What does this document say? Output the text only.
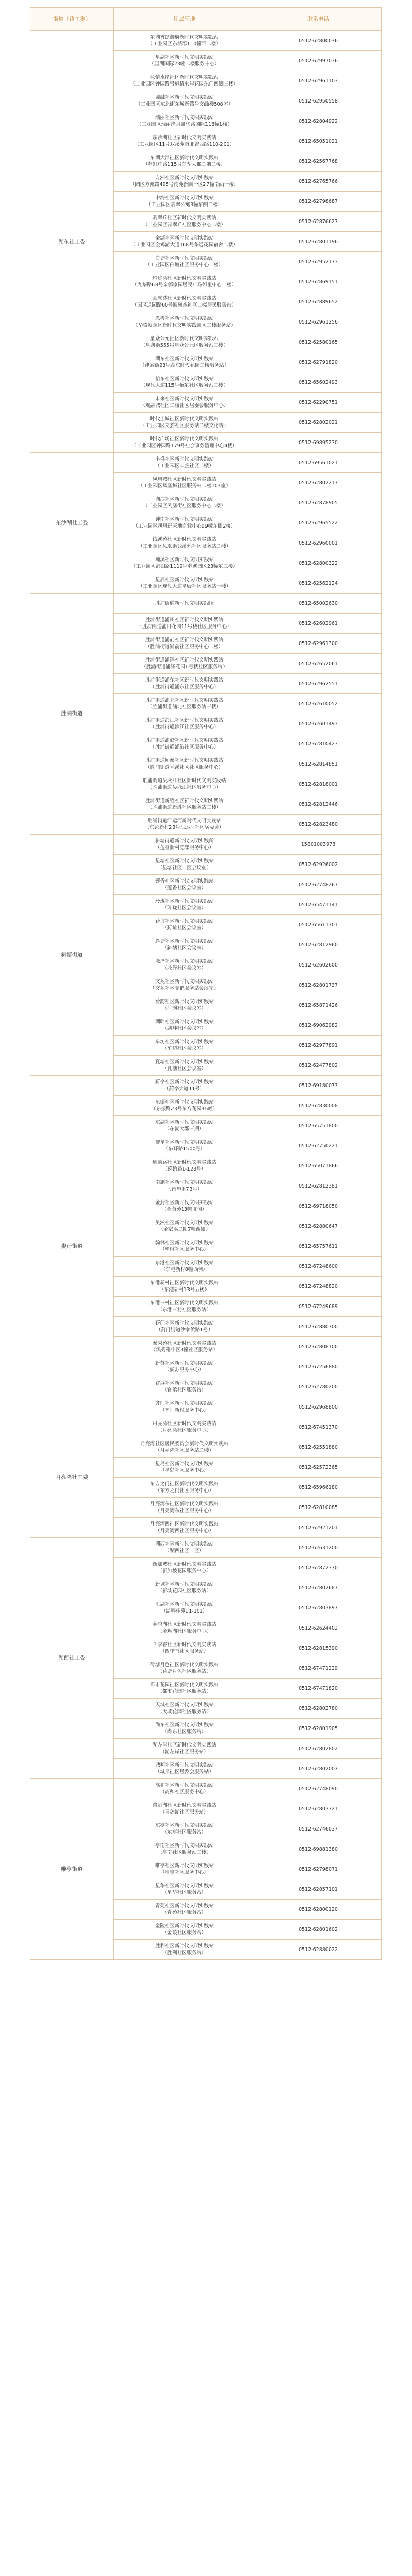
街道（镇工委）	所属阵地	联系电话
湖东社工委	东湖香缇御府新时代文明实践站
（工业园区东城郡110幢西二楼）	0512-62800036

	星湖社区新时代文明实践站
（星湖国际23幢二楼服务中心）	0512-62997036

	枫情水岸社区新时代文明实践站
（工业园区钟园路号枫情水岸花园东门西侧三楼）	0512-62961103

	圆融社区新时代文明实践站
（工业园区东北街东城新路号文曲楼508室）	0512-62950558

	瑞丽社区新时代文明实践站
（工业园区瑞丽湾月鑫马路国际118幢1楼）	0512-62804922

	东沙湖社区新时代文明实践站
（工业园区11号双溪苑南北吉西路110-201）	0512-65051021

	东湖大郡社区新时代文明实践站
（苏虹中路115号东湖大郡二期二楼）	0512-62567768

	方洲社区新时代文明实践站
（园区方洲路495号南苑新园一区27幢南面一楼）	0512-62765766

	中海社区新时代文明实践站
（工业园区翡翠公寓3幢东侧二楼）	0512-62798687

	翡翠丘社区新时代文明实践站
（工业园区翡翠丘社区服务中心二楼）	0512-62876627

	金湖社区新时代文明实践站
（工业园区金鸡湖大道168号华远花园宿舍二楼）	0512-62801196

	白塘社区新时代文明实践站
（工业园区白塘社区服务中心二楼）	0512-62952173

	玲珑湾社区新时代文明实践站
（九华路68号亲邻家园居民广场邻里中心二楼）	0512-62869151

	圆融荟社区新时代文明实践站
（园区通园路60号圆融荟社区二楼居民服务站）	0512-62889652

	恩善社区新时代文明实践站
（华盛顿园区新时代文明实践园区二楼服务站）	0512-62961256

	星众公元社区新时代文明实践站
（星湖街555号星众公元区服务站二楼）	0512-62580165

	湖东社区新时代文明实践站
（津梁街23号湖东时代花园二楼服务站）	0512-62791820

	怡东社区新时代文明实践站
（现代大道115号怡东社区服务站二楼）	0512-65602493

	未来社区新时代文明实践站
（观湖城社区二楼社区居委会服务中心）	0512-62290751

	时代上城社区新时代文明实践站
（工业园区文荟社区服务站二楼文化站）	0512-62802021

	时代广场社区新时代文明实践站
（工业园区钟园路179号社会事务管理中心4楼）	0512-69895230
东沙湖社工委	丰盛社区新时代文明实践站
（工业园区丰盛社区二楼）	0512-69561021

	凤凰城社区新时代文明实践站
（工业园区凤凰城社区服务站二楼103室）	0512-62802217

	湖滨社区新时代文明实践站
（工业园区凤凰街社区服务中心二楼）	0512-62878905

	钟南社区新时代文明实践站
（工业园区凤凰新天地商业中心99幢东侧2楼）	0512-62965522

	钱溪苑社区新时代文明实践站
（工业园区凤凰街钱溪苑社区服务站二楼）	0512-62960001

	瀚溪社区新时代文明实践站
（工业园区港田路1119号瀚溪园区23幢东三楼）	0512-62800322

	星辰社区新时代文明实践站
（工业园区现代大道星辰社区服务站一楼）	0512-62562124
胜浦街道	胜浦街道新时代文明实践所	0512-65002630

	胜浦街道浦田社区新时代文明实践站
（胜浦街道浦田花园11号楼社区服务中心）	0512-62602961

	胜浦街道浦前社区新时代文明实践站
（胜浦街道浦前社区服务中心二楼）	0512-62961300

	胜浦街道浦泽社区新时代文明实践站
（胜浦街道浦泽花园1号楼社区服务站）	0512-62652061

	胜浦街道浦东社区新时代文明实践站
（胜浦街道浦东社区服务中心）	0512-62962551

	胜浦街道浦北社区新时代文明实践站
（胜浦街道浦北社区服务站三楼）	0512-62610052

	胜浦街道滨江社区新时代文明实践站
（胜浦街道滨江社区服务中心）	0512-62601493

	胜浦街道浦沿社区新时代文明实践站
（胜浦街道浦沿社区服务中心）	0512-62810423

	胜浦街道闻溪社区新时代文明实践站
（胜浦街道闻溪社区社区服务中心）	0512-62814851

	胜浦街道吴淞江社区新时代文明实践站
（胜浦街道吴淞江社区服务中心）	0512-62818001

	胜浦街道新胜社区新时代文明实践站
（胜浦街道新胜社区服务站二楼）	0512-62812446

	胜浦街道江运河新时代文明实践站
（东沁新村23号江运河社区居委会）	0512-62823480
斜塘街道	斜塘街道新时代文明实践所
（莲香新村党群服务中心）	15801003973

	星塘社区新时代文明实践站
（星塘社区一区会议室）	0512-62926002

	莲香社区新时代文明实践站
（莲香社区会议室）	0512-62748267

	玲珑社区新时代文明实践站
（玲珑社区会议室）	0512-65471141

	葑谊社区新时代文明实践站
（葑谊社区会议室）	0512-65611701

	斜塘社区新时代文明实践站
（斜塘社区会议室）	0512-62812960

	淞泽社区新时代文明实践站
（淞泽社区会议室）	0512-62602600

	文苑社区新时代文明实践站
（文苑社区党群服务站会议室）	0512-62801737

	荷韵社区新时代文明实践站
（荷韵社区会议室）	0512-65871426

	湖畔社区新时代文明实践站
（湖畔社区会议室）	0512-69062982

	车坊社区新时代文明实践站
（车坊社区会议室）	0512-62977891

	夏塘社区新时代文明实践站
（夏塘社区会议室）	0512-62477802
娄葑街道	葑亭社区新时代文明实践站
（葑亭大道11号）	0512-69180073

	东振社区新时代文明实践站
（东振路23号东方花园36幢）	0512-62830008

	东湖社区新时代文明实践站
（东湖大郡三期）	0512-65751800

	群星社区新时代文明实践站
（东环路1500号）	0512-62750221

	通园路社区新时代文明实践站
（葑谊路1-123号）	0512-65071866

	南施社区新时代文明实践站
（南施街73号）	0512-62812381

	金葑社区新时代文明实践站
（金葑苑13幢北侧）	0512-69718050

	吴淞社区新时代文明实践站
（金家浜二期7幢西侧）	0512-62880647

	翰林社区新时代文明实践站
（翰林社区服务中心）	0512-65757611

	东港社区新时代文明实践站
（东港新村8幢西侧）	0512-67248600

	东港新村社区新时代文明实践站
（东港新村13号五楼）	0512-67248820

	东港三村社区新时代文明实践站
（东港三村社区服务站）	0512-67249689

	葑门社区新时代文明实践站
（葑门街道沙家浜路1号）	0512-62880700

	溪秀苑社区新时代文明实践站
（溪秀苑小区3幢社区服务站）	0512-62808100

	新苏社区新时代文明实践站
（新苏服务中心）	0512-67256880

	官浜社区新时代文明实践站
（官浜社区服务站）	0512-62780200

	齐门社区新时代文明实践站
（齐门新村服务中心）	0512-62968800
月亮湾社工委	月亮湾社区新时代文明实践站
（月亮湾社区服务中心）	0512-67451370

	月亮湾社区居民委员会新时代文明实践站
（月亮湾社区服务站二楼）	0512-62551880

	星岛社区新时代文明实践站
（星岛社区服务中心）	0512-62572365

	东方之门社区新时代文明实践站
（东方之门社区服务中心）	0512-65966180

	月亮湾东社区新时代文明实践站
（月亮湾东社区服务中心）	0512-62810085

	月亮湾西社区新时代文明实践站
（月亮湾西社区服务中心）	0512-62921201
湖西社工委	湖西社区新时代文明实践站
（湖西社区一区）	0512-62631200

	新加坡社区新时代文明实践站
（新加坡花园服务中心）	0512-62872370

	新城社区新时代文明实践站
（新城花园社区服务站）	0512-62802687

	汇湖社区新时代文明实践站
（湖畔佳苑11-101）	0512-62803897

	金鸡湖社区新时代文明实践站
（金鸡湖社区服务中心）	0512-62624402

	四季香社区新时代文明实践站
（四季香社区服务站）	0512-62815390

	荷塘月色社区新时代文明实践站
（荷塘月色社区服务站）	0512-67471229

	都市花园社区新时代文明实践站
（都市花园社区服务站）	0512-67471820

	天域社区新时代文明实践站
（天域花园社区服务站）	0512-62802780

	尚东社区新时代文明实践站
（尚东社区服务站）	0512-62801905

	湖左岸社区新时代文明实践站
（湖左岸社区服务站）	0512-62802802

	城邦社区新时代文明实践站
（城邦社区居委会服务站）	0512-62802007
唯亭街道	高和社区新时代文明实践站
（高和社区服务中心）	0512-62748090

	青剑湖社区新时代文明实践站
（青剑湖社区服务站）	0512-62803721

	东亭社区新时代文明实践站
（东亭社区服务站）	0512-62746037

	亭南社区新时代文明实践站
（亭南社区服务站二楼）	0512-69881380

	唯亭社区新时代文明实践站
（唯亭社区服务中心）	0512-62798071

	星华社区新时代文明实践站
（星华社区服务站）	0512-62857101

	青苑社区新时代文明实践站
（青苑社区服务站）	0512-62800120

	金陵社区新时代文明实践站
（金陵社区服务站）	0512-62801602

	胜利社区新时代文明实践站
（胜利社区服务站）	0512-62880022
